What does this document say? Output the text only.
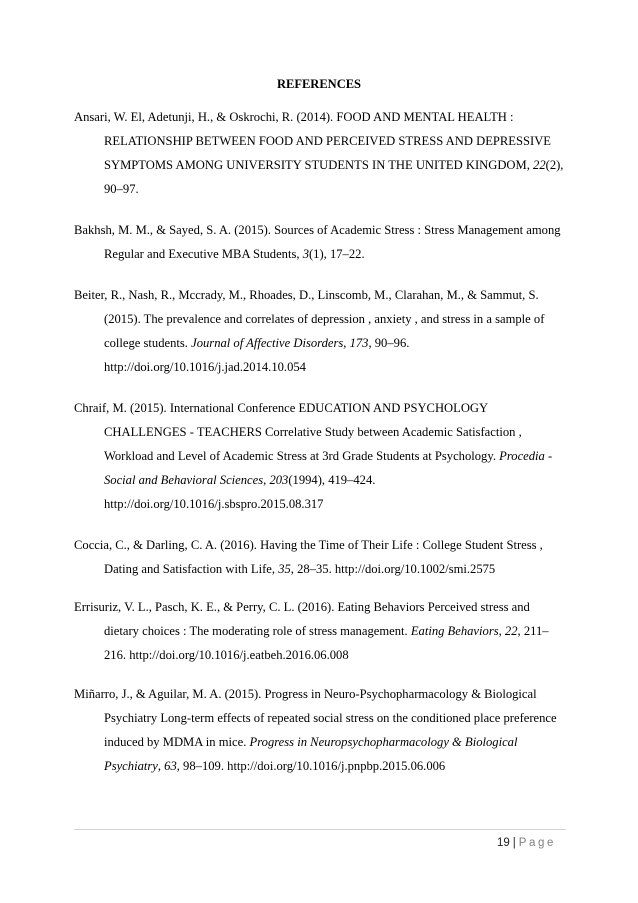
REFERENCES

Ansari, W. El, Adetunji, H., & Oskrochi, R. (2014). FOOD AND MENTAL HEALTH : RELATIONSHIP BETWEEN FOOD AND PERCEIVED STRESS AND DEPRESSIVE SYMPTOMS AMONG UNIVERSITY STUDENTS IN THE UNITED KINGDOM, 22(2), 90–97.

Bakhsh, M. M., & Sayed, S. A. (2015). Sources of Academic Stress : Stress Management among Regular and Executive MBA Students, 3(1), 17–22.

Beiter, R., Nash, R., Mccrady, M., Rhoades, D., Linscomb, M., Clarahan, M., & Sammut, S. (2015). The prevalence and correlates of depression , anxiety , and stress in a sample of college students. Journal of Affective Disorders, 173, 90–96. http://doi.org/10.1016/j.jad.2014.10.054

Chraif, M. (2015). International Conference EDUCATION AND PSYCHOLOGY CHALLENGES - TEACHERS Correlative Study between Academic Satisfaction , Workload and Level of Academic Stress at 3rd Grade Students at Psychology. Procedia - Social and Behavioral Sciences, 203(1994), 419–424. http://doi.org/10.1016/j.sbspro.2015.08.317

Coccia, C., & Darling, C. A. (2016). Having the Time of Their Life : College Student Stress , Dating and Satisfaction with Life, 35, 28–35. http://doi.org/10.1002/smi.2575

Errisuriz, V. L., Pasch, K. E., & Perry, C. L. (2016). Eating Behaviors Perceived stress and dietary choices : The moderating role of stress management. Eating Behaviors, 22, 211–216. http://doi.org/10.1016/j.eatbeh.2016.06.008

Miñarro, J., & Aguilar, M. A. (2015). Progress in Neuro-Psychopharmacology & Biological Psychiatry Long-term effects of repeated social stress on the conditioned place preference induced by MDMA in mice. Progress in Neuropsychopharmacology & Biological Psychiatry, 63, 98–109. http://doi.org/10.1016/j.pnpbp.2015.06.006

19 | Page
